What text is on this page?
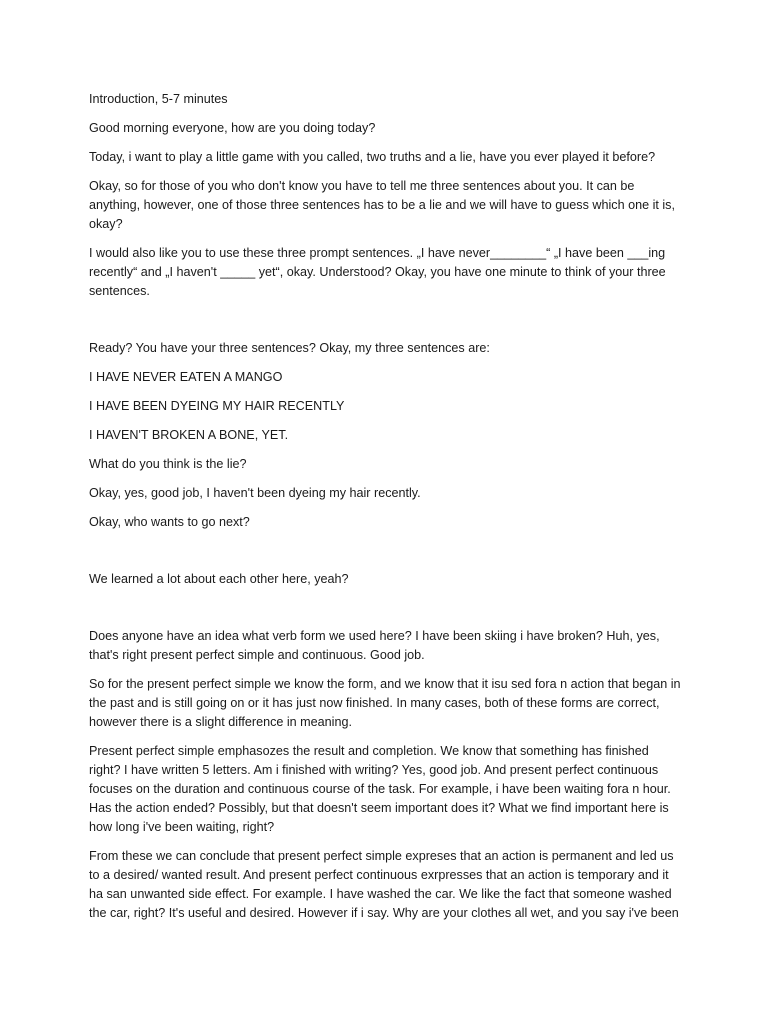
Introduction, 5-7 minutes

Good morning everyone, how are you doing today?

Today, i want to play a little game with you called, two truths and a lie, have you ever played it before?

Okay, so for those of you who don't know you have to tell me three sentences about you. It can be anything, however, one of those three sentences has to be a lie and we will have to guess which one it is, okay?

I would also like you to use these three prompt sentences. „I have never________“ „I have been ___ing recently“ and „I haven't _____ yet“, okay. Understood? Okay, you have one minute to think of your three sentences.

Ready? You have your three sentences? Okay, my three sentences are:

I HAVE NEVER EATEN A MANGO

I HAVE BEEN DYEING MY HAIR RECENTLY

I HAVEN'T BROKEN A BONE, YET.

What do you think is the lie?

Okay, yes, good job, I haven't been dyeing my hair recently.

Okay, who wants to go next?

We learned a lot about each other here, yeah?

Does anyone have an idea what verb form we used here? I have been skiing i have broken? Huh, yes, that's right present perfect simple and continuous. Good job.

So for the present perfect simple we know the form, and we know that it isu sed fora n action that began in the past and is still going on or it has just now finished. In many cases, both of these forms are correct, however there is a slight difference in meaning.

Present perfect simple emphasozes the result and completion. We know that something has finished right? I have written 5 letters. Am i finished with writing? Yes, good job. And present perfect continuous focuses on the duration and continuous course of the task. For example, i have been waiting fora n hour. Has the action ended? Possibly, but that doesn't seem important does it? What we find important here is how long i've been waiting, right?

From these we can conclude that present perfect simple expreses that an action is permanent and led us to a desired/ wanted result. And present perfect continuous exrpresses that an action is temporary and it ha san unwanted side effect. For example. I have washed the car. We like the fact that someone washed the car, right? It's useful and desired. However if i say. Why are your clothes all wet, and you say i've been
